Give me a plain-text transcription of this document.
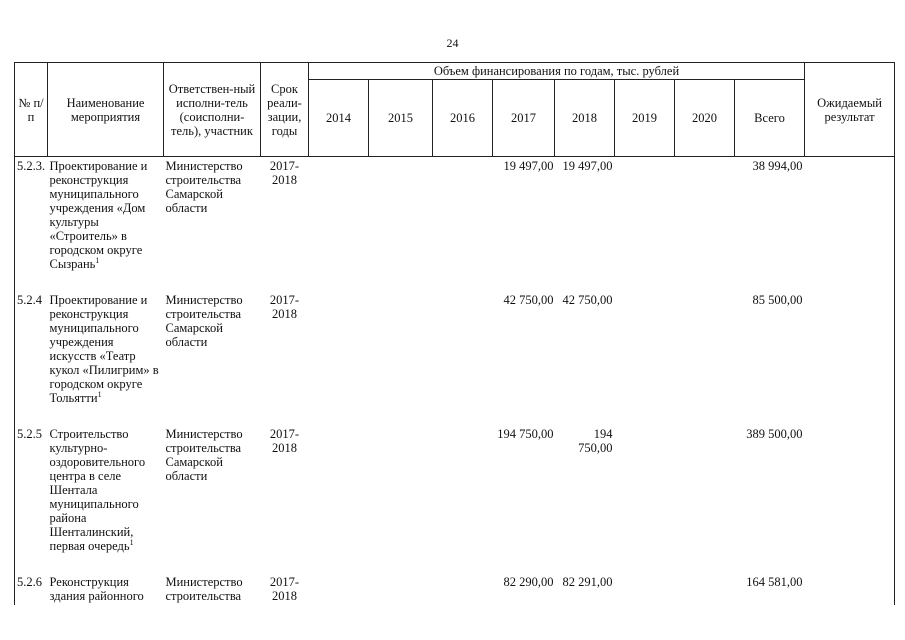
24
№ п/п	Наименование мероприятия	Ответствен-ный исполни-тель (соисполни-тель), участник	Срок реали-зации, годы	Объем финансирования по годам, тыс. рублей								Ожидаемый результат
				2014	2015	2016	2017	2018	2019	2020	Всего	
5.2.3.	Проектирование и реконструкция муниципального учреждения «Дом культуры «Строитель» в городском округе Сызрань$^1$	Министерство строительства Самарской области	2017-2018				19 497,00	19 497,00			38 994,00	

5.2.4	Проектирование и реконструкция муниципального учреждения искусств «Театр кукол «Пилигрим» в городском округе Тольятти$^1$	Министерство строительства Самарской области	2017-2018				42 750,00	42 750,00			85 500,00	

5.2.5	Строительство культурно-оздоровительного центра в селе Шентала муниципального района Шенталинский, первая очередь$^1$	Министерство строительства Самарской области	2017-2018				194 750,00	194 750,00			389 500,00	

5.2.6	Реконструкция здания районного	Министерство строительства	2017-2018				82 290,00	82 291,00			164 581,00	
